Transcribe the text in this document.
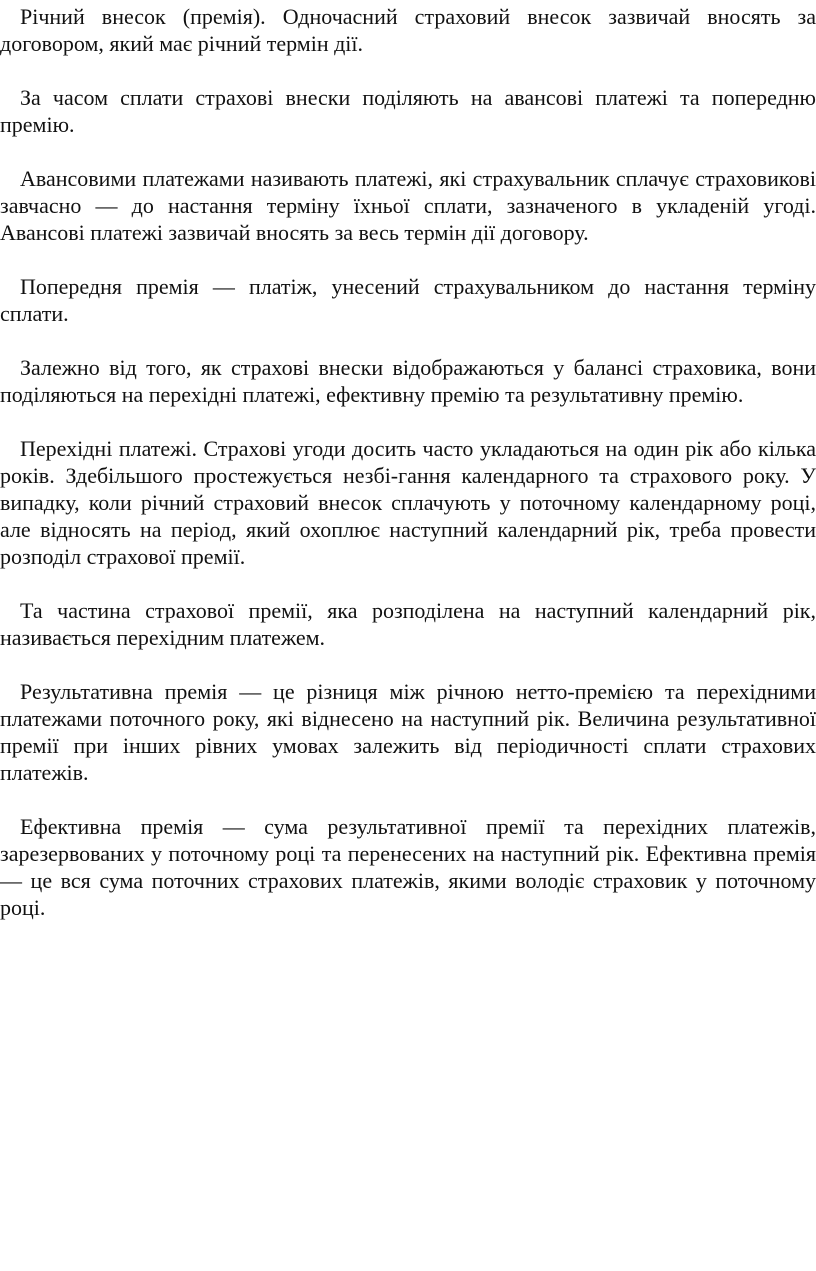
Річний внесок (премія). Одночасний страховий внесок зазвичай вносять за договором, який має річний термін дії.

За часом сплати страхові внески поділяють на авансові платежі та попередню премію.

Авансовими платежами називають платежі, які страхувальник сплачує страховикові завчасно — до настання терміну їхньої сплати, зазначеного в укладеній угоді. Авансові платежі зазвичай вносять за весь термін дії договору.

Попередня премія — платіж, унесений страхувальником до настання терміну сплати.

Залежно від того, як страхові внески відображаються у балансі страховика, вони поділяються на перехідні платежі, ефективну премію та результативну премію.

Перехідні платежі. Страхові угоди досить часто укладаються на один рік або кілька років. Здебільшого простежується незбі-гання календарного та страхового року. У випадку, коли річний страховий внесок сплачують у поточному календарному році, але відносять на період, який охоплює наступний календарний рік, треба провести розподіл страхової премії.

Та частина страхової премії, яка розподілена на наступний календарний рік, називається перехідним платежем.

Результативна премія — це різниця між річною нетто-премією та перехідними платежами поточного року, які віднесено на наступний рік. Величина результативної премії при інших рівних умовах залежить від періодичності сплати страхових платежів.

Ефективна премія — сума результативної премії та перехідних платежів, зарезервованих у поточному році та перенесених на наступний рік. Ефективна премія — це вся сума поточних страхових платежів, якими володіє страховик у поточному році.
